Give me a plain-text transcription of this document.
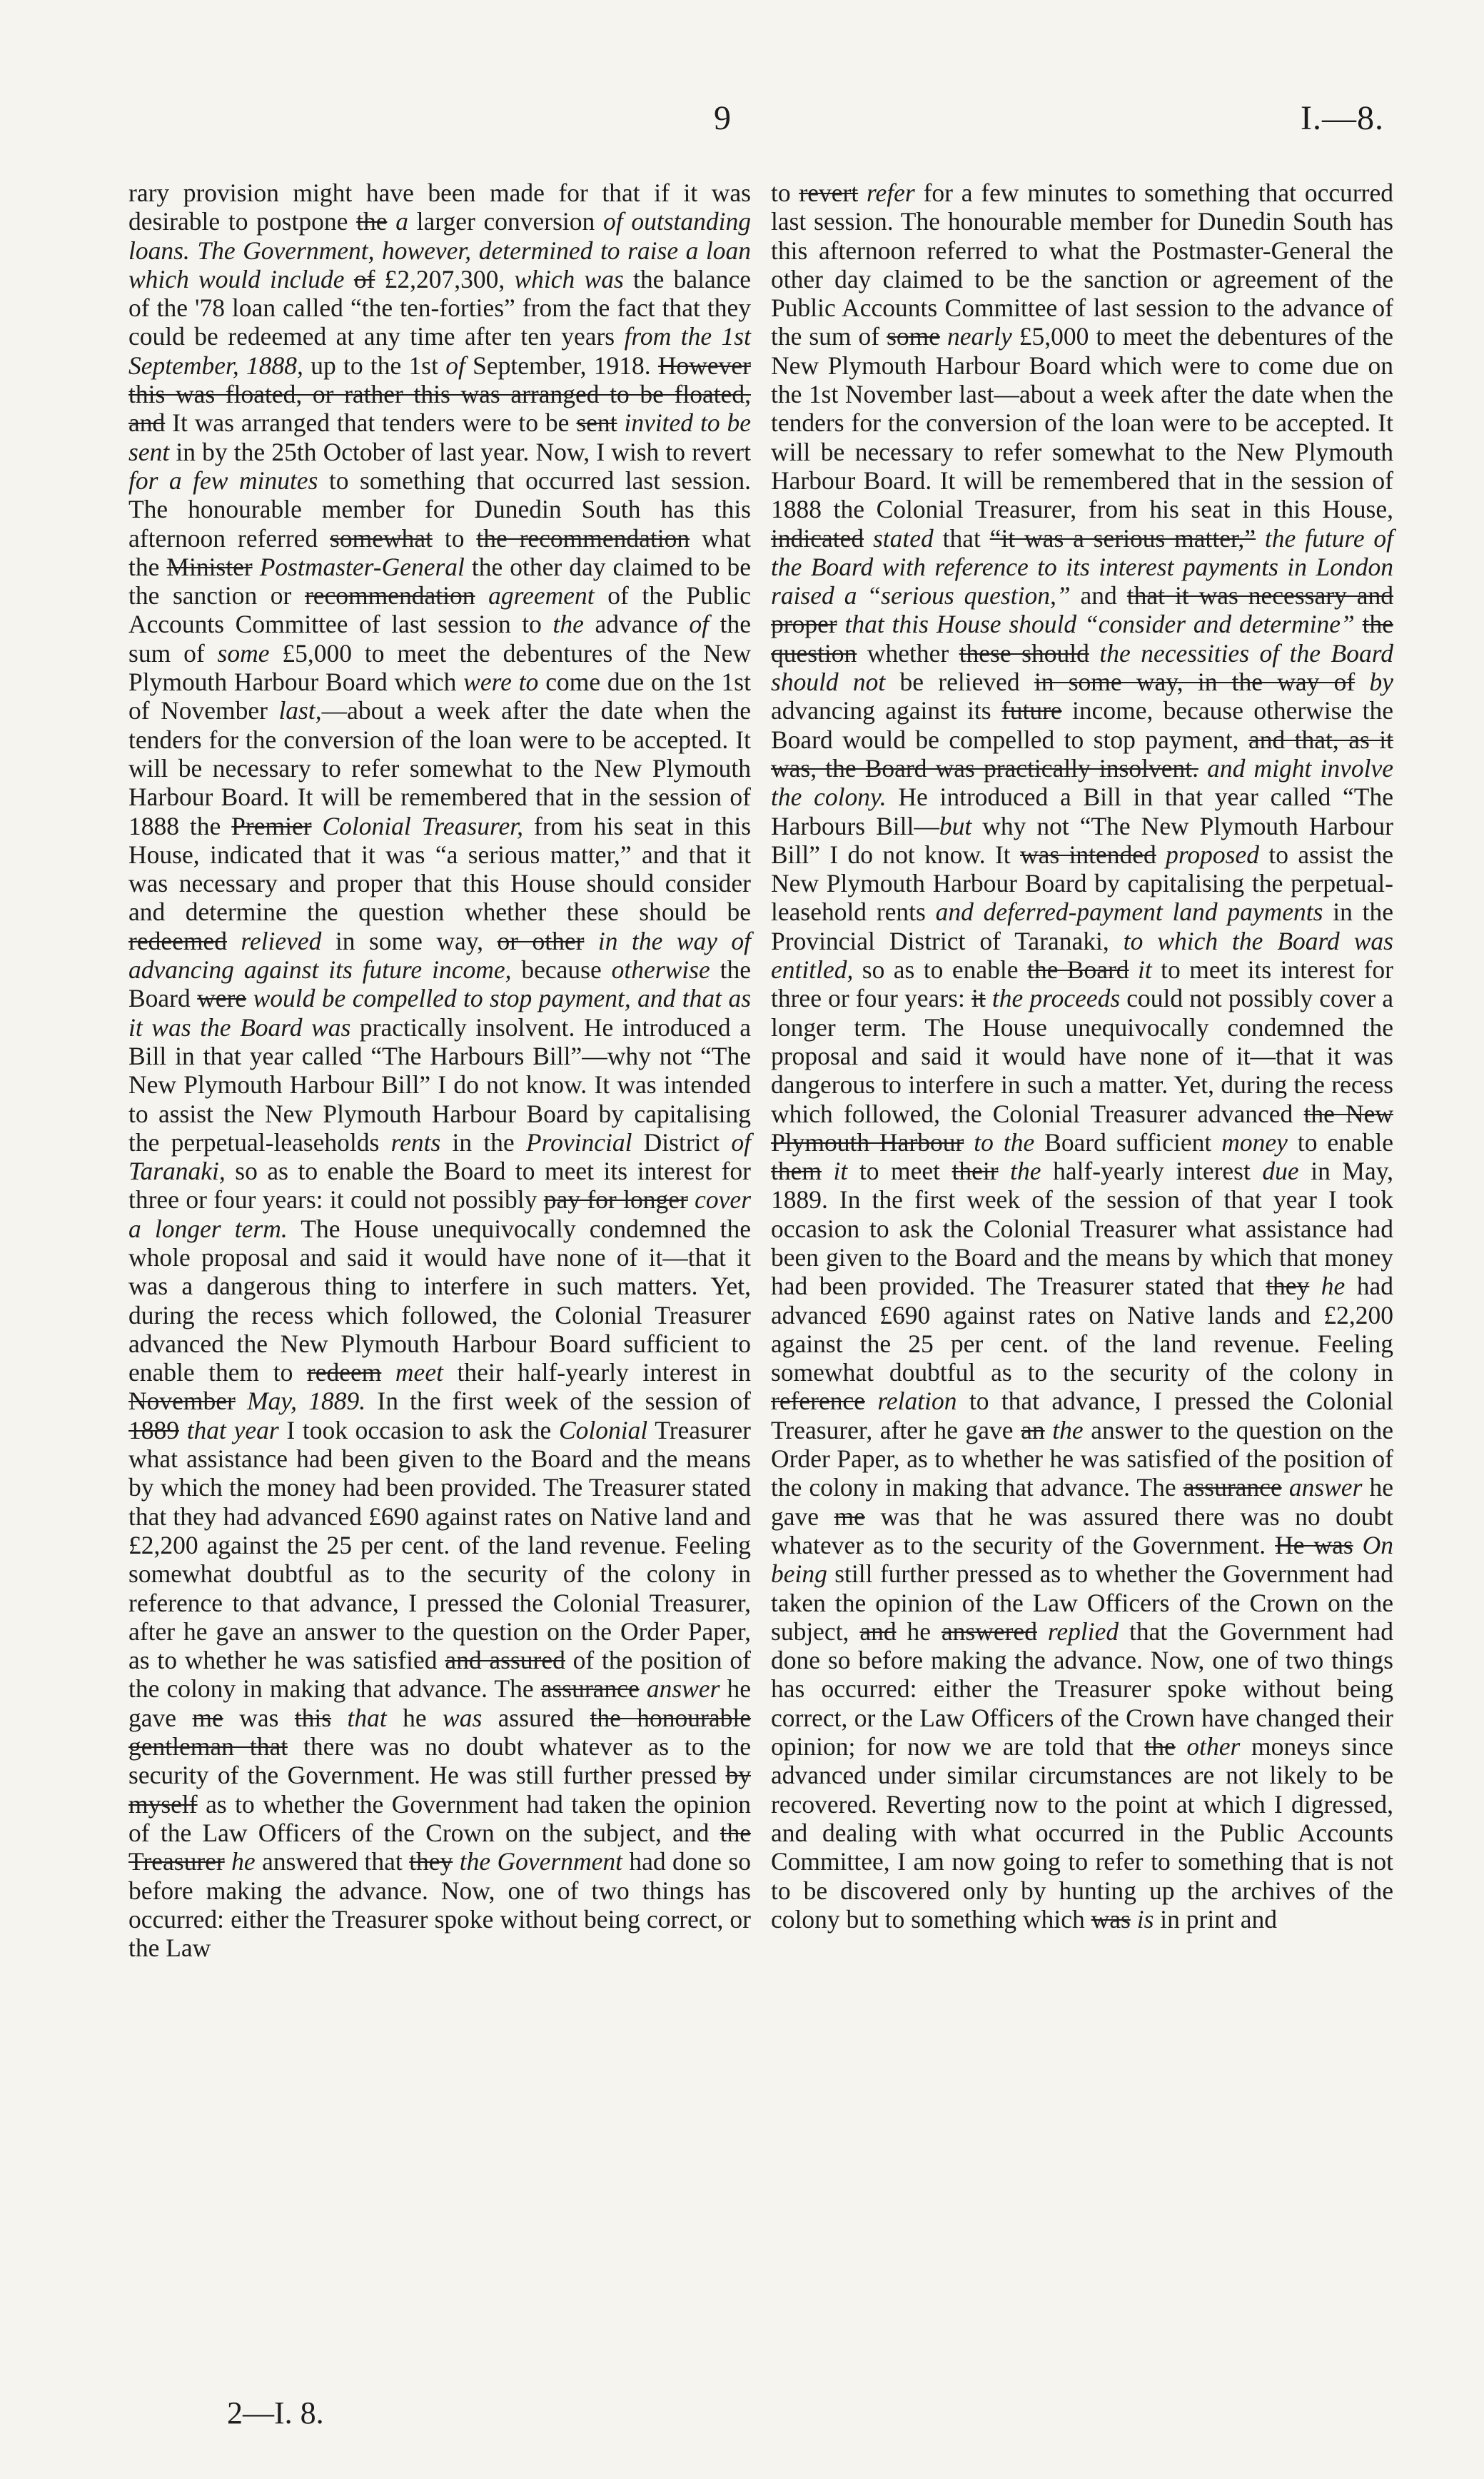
9	I.—8.

rary provision might have been made for that if it was desirable to postpone the a larger conversion of outstanding loans. The Government, however, determined to raise a loan which would include of £2,207,300, which was the balance of the '78 loan called “the ten-forties” from the fact that they could be redeemed at any time after ten years from the 1st September, 1888, up to the 1st of September, 1918. However this was floated, or rather this was arranged to be floated, and It was arranged that tenders were to be sent invited to be sent in by the 25th October of last year. Now, I wish to revert for a few minutes to something that occurred last session. The honourable member for Dunedin South has this afternoon referred somewhat to the recommendation what the Minister Postmaster-General the other day claimed to be the sanction or recommendation agreement of the Public Accounts Committee of last session to the advance of the sum of some £5,000 to meet the debentures of the New Plymouth Harbour Board which were to come due on the 1st of November last,—about a week after the date when the tenders for the conversion of the loan were to be accepted. It will be necessary to refer somewhat to the New Plymouth Harbour Board. It will be remembered that in the session of 1888 the Premier Colonial Treasurer, from his seat in this House, indicated that it was “a serious matter,” and that it was necessary and proper that this House should consider and determine the question whether these should be redeemed relieved in some way, or other in the way of advancing against its future income, because otherwise the Board were would be compelled to stop payment, and that as it was the Board was practically insolvent. He introduced a Bill in that year called “The Harbours Bill”—why not “The New Plymouth Harbour Bill” I do not know. It was intended to assist the New Plymouth Harbour Board by capitalising the perpetual-leaseholds rents in the Provincial District of Taranaki, so as to enable the Board to meet its interest for three or four years: it could not possibly pay for longer cover a longer term. The House unequivocally condemned the whole proposal and said it would have none of it—that it was a dangerous thing to interfere in such matters. Yet, during the recess which followed, the Colonial Treasurer advanced the New Plymouth Harbour Board sufficient to enable them to redeem meet their half-yearly interest in November May, 1889. In the first week of the session of 1889 that year I took occasion to ask the Colonial Treasurer what assistance had been given to the Board and the means by which the money had been provided. The Treasurer stated that they had advanced £690 against rates on Native land and £2,200 against the 25 per cent. of the land revenue. Feeling somewhat doubtful as to the security of the colony in reference to that advance, I pressed the Colonial Treasurer, after he gave an answer to the question on the Order Paper, as to whether he was satisfied and assured of the position of the colony in making that advance. The assurance answer he gave me was this that he was assured the honourable gentleman that there was no doubt whatever as to the security of the Government. He was still further pressed by myself as to whether the Government had taken the opinion of the Law Officers of the Crown on the subject, and the Treasurer he answered that they the Government had done so before making the advance. Now, one of two things has occurred: either the Treasurer spoke without being correct, or the Law

to revert refer for a few minutes to something that occurred last session. The honourable member for Dunedin South has this afternoon referred to what the Postmaster-General the other day claimed to be the sanction or agreement of the Public Accounts Committee of last session to the advance of the sum of some nearly £5,000 to meet the debentures of the New Plymouth Harbour Board which were to come due on the 1st November last—about a week after the date when the tenders for the conversion of the loan were to be accepted. It will be necessary to refer somewhat to the New Plymouth Harbour Board. It will be remembered that in the session of 1888 the Colonial Treasurer, from his seat in this House, indicated stated that “it was a serious matter,” the future of the Board with reference to its interest payments in London raised a “serious question,” and that it was necessary and proper that this House should “consider and determine” the question whether these should the necessities of the Board should not be relieved in some way, in the way of by advancing against its future income, because otherwise the Board would be compelled to stop payment, and that, as it was, the Board was practically insolvent. and might involve the colony. He introduced a Bill in that year called “The Harbours Bill—but why not “The New Plymouth Harbour Bill” I do not know. It was intended proposed to assist the New Plymouth Harbour Board by capitalising the perpetual-leasehold rents and deferred-payment land payments in the Provincial District of Taranaki, to which the Board was entitled, so as to enable the Board it to meet its interest for three or four years: it the proceeds could not possibly cover a longer term. The House unequivocally condemned the proposal and said it would have none of it—that it was dangerous to interfere in such a matter. Yet, during the recess which followed, the Colonial Treasurer advanced the New Plymouth Harbour to the Board sufficient money to enable them it to meet their the half-yearly interest due in May, 1889. In the first week of the session of that year I took occasion to ask the Colonial Treasurer what assistance had been given to the Board and the means by which that money had been provided. The Treasurer stated that they he had advanced £690 against rates on Native lands and £2,200 against the 25 per cent. of the land revenue. Feeling somewhat doubtful as to the security of the colony in reference relation to that advance, I pressed the Colonial Treasurer, after he gave an the answer to the question on the Order Paper, as to whether he was satisfied of the position of the colony in making that advance. The assurance answer he gave me was that he was assured there was no doubt whatever as to the security of the Government. He was On being still further pressed as to whether the Government had taken the opinion of the Law Officers of the Crown on the subject, and he answered replied that the Government had done so before making the advance. Now, one of two things has occurred: either the Treasurer spoke without being correct, or the Law Officers of the Crown have changed their opinion; for now we are told that the other moneys since advanced under similar circumstances are not likely to be recovered. Reverting now to the point at which I digressed, and dealing with what occurred in the Public Accounts Committee, I am now going to refer to something that is not to be discovered only by hunting up the archives of the colony but to something which was is in print and

2—I. 8.
